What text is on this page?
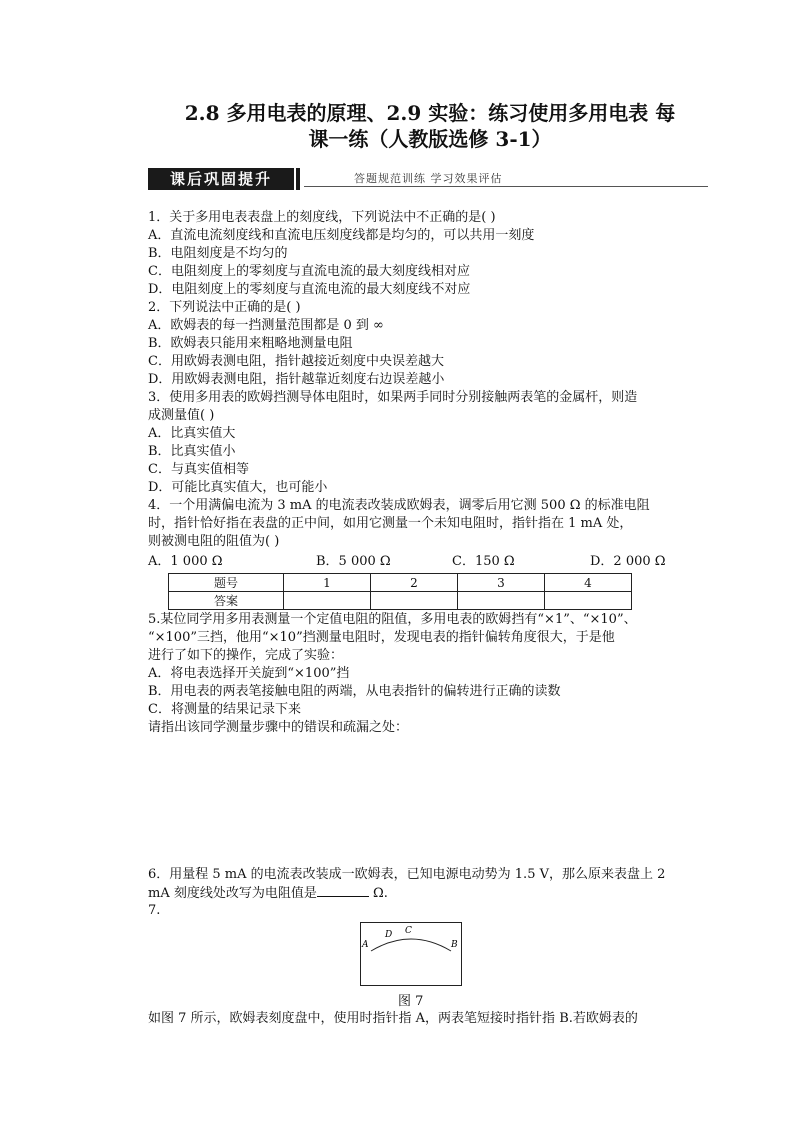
2.8 多用电表的原理、2.9 实验：练习使用多用电表 每
课一练（人教版选修 3-1）
课后巩固提升	答题规范训练 学习效果评估
1．关于多用电表表盘上的刻度线，下列说法中不正确的是( )
A．直流电流刻度线和直流电压刻度线都是均匀的，可以共用一刻度
B．电阻刻度是不均匀的
C．电阻刻度上的零刻度与直流电流的最大刻度线相对应
D．电阻刻度上的零刻度与直流电流的最大刻度线不对应
2．下列说法中正确的是( )
A．欧姆表的每一挡测量范围都是 0 到 ∞
B．欧姆表只能用来粗略地测量电阻
C．用欧姆表测电阻，指针越接近刻度中央误差越大
D．用欧姆表测电阻，指针越靠近刻度右边误差越小
3．使用多用表的欧姆挡测导体电阻时，如果两手同时分别接触两表笔的金属杆，则造
成测量值( )
A．比真实值大
B．比真实值小
C．与真实值相等
D．可能比真实值大，也可能小
4．一个用满偏电流为 3 mA 的电流表改装成欧姆表，调零后用它测 500 Ω 的标准电阻
时，指针恰好指在表盘的正中间，如用它测量一个未知电阻时，指针指在 1 mA 处，
则被测电阻的阻值为( )
A．1 000 Ω	B．5 000 Ω	C．150 Ω	D．2 000 Ω
题号	1	2	3	4
答案				
5.某位同学用多用表测量一个定值电阻的阻值，多用电表的欧姆挡有“×1”、“×10”、
“×100”三挡，他用“×10”挡测量电阻时，发现电表的指针偏转角度很大，于是他
进行了如下的操作，完成了实验：
A．将电表选择开关旋到“×100”挡
B．用电表的两表笔接触电阻的两端，从电表指针的偏转进行正确的读数
C．将测量的结果记录下来
请指出该同学测量步骤中的错误和疏漏之处：
6．用量程 5 mA 的电流表改装成一欧姆表，已知电源电动势为 1.5 V，那么原来表盘上 2
mA 刻度线处改写为电阻值是	Ω.
7.
A
D C
B
图 7
如图 7 所示，欧姆表刻度盘中，使用时指针指 A，两表笔短接时指针指 B.若欧姆表的
